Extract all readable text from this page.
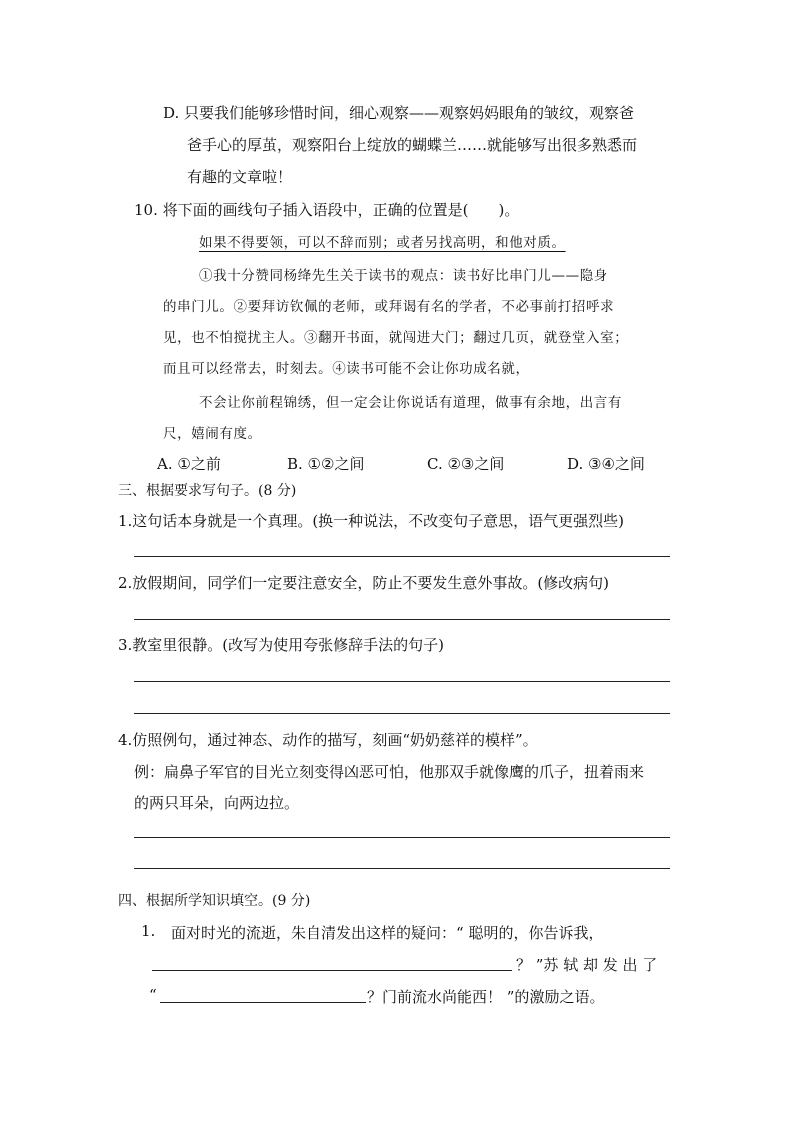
D. 只要我们能够珍惜时间，细心观察——观察妈妈眼角的皱纹，观察爸
爸手心的厚茧，观察阳台上绽放的蝴蝶兰……就能够写出很多熟悉而
有趣的文章啦！
10. 将下面的画线句子插入语段中，正确的位置是( )。
如果不得要领，可以不辞而别；或者另找高明，和他对质。
①我十分赞同杨绛先生关于读书的观点：读书好比串门儿——隐身
的串门儿。②要拜访钦佩的老师，或拜谒有名的学者，不必事前打招呼求
见，也不怕搅扰主人。③翻开书面，就闯进大门；翻过几页，就登堂入室；
而且可以经常去，时刻去。④读书可能不会让你功成名就，
不会让你前程锦绣，但一定会让你说话有道理，做事有余地，出言有
尺，嬉闹有度。
A. ①之前	B. ①②之间	C. ②③之间	D. ③④之间
三、根据要求写句子。(8 分)
1.这句话本身就是一个真理。(换一种说法，不改变句子意思，语气更强烈些)
2.放假期间，同学们一定要注意安全，防止不要发生意外事故。(修改病句)
3.教室里很静。(改写为使用夸张修辞手法的句子)
4.仿照例句，通过神态、动作的描写，刻画“奶奶慈祥的模样”。
例：扁鼻子军官的目光立刻变得凶恶可怕，他那双手就像鹰的爪子，扭着雨来
的两只耳朵，向两边拉。
四、根据所学知识填空。(9 分)
1. 面对时光的流逝，朱自清发出这样的疑问：“ 聪明的，你告诉我，
？ ”苏 轼 却 发 出 了
“	？门前流水尚能西！ ”的激励之语。
